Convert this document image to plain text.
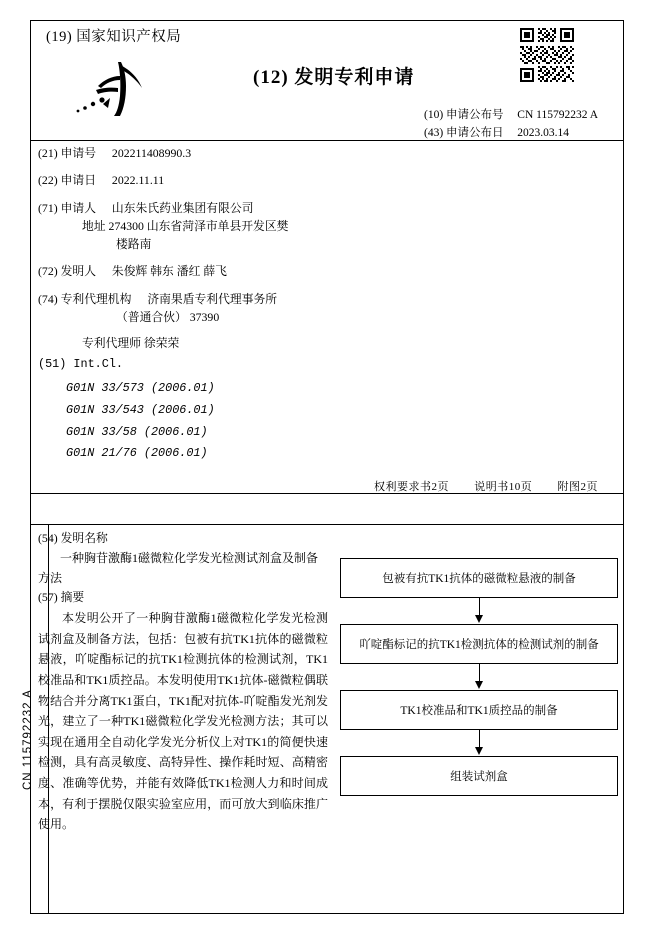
(19) 国家知识产权局
(12) 发明专利申请
(10) 申请公布号 CN 115792232 A
(43) 申请公布日 2023.03.14
(21) 申请号 202211408990.3
(22) 申请日 2022.11.11
(71) 申请人 山东朱氏药业集团有限公司
地址 274300 山东省菏泽市单县开发区樊
楼路南
(72) 发明人 朱俊辉 韩东 潘红 薛飞
(74) 专利代理机构 济南果盾专利代理事务所
（普通合伙） 37390
专利代理师 徐荣荣
(51) Int.Cl.
G01N 33/573 (2006.01)
G01N 33/543 (2006.01)
G01N 33/58 (2006.01)
G01N 21/76 (2006.01)
权利要求书2页 说明书10页 附图2页
(54) 发明名称
一种胸苷激酶1磁微粒化学发光检测试剂盒及制备方法
(57) 摘要
本发明公开了一种胸苷激酶1磁微粒化学发光检测试剂盒及制备方法，包括：包被有抗TK1抗体的磁微粒悬液，吖啶酯标记的抗TK1检测抗体的检测试剂，TK1校准品和TK1质控品。本发明使用TK1抗体-磁微粒偶联物结合并分离TK1蛋白，TK1配对抗体-吖啶酯发光剂发光，建立了一种TK1磁微粒化学发光检测方法；其可以实现在通用全自动化学发光分析仪上对TK1的简便快速检测，具有高灵敏度、高特异性、操作耗时短、高精密度、准确等优势，并能有效降低TK1检测人力和时间成本，有利于摆脱仅限实验室应用，而可放大到临床推广使用。
CN 115792232 A
包被有抗TK1抗体的磁微粒悬液的制备
吖啶酯标记的抗TK1检测抗体的检测试剂的制备
TK1校准品和TK1质控品的制备
组装试剂盒
